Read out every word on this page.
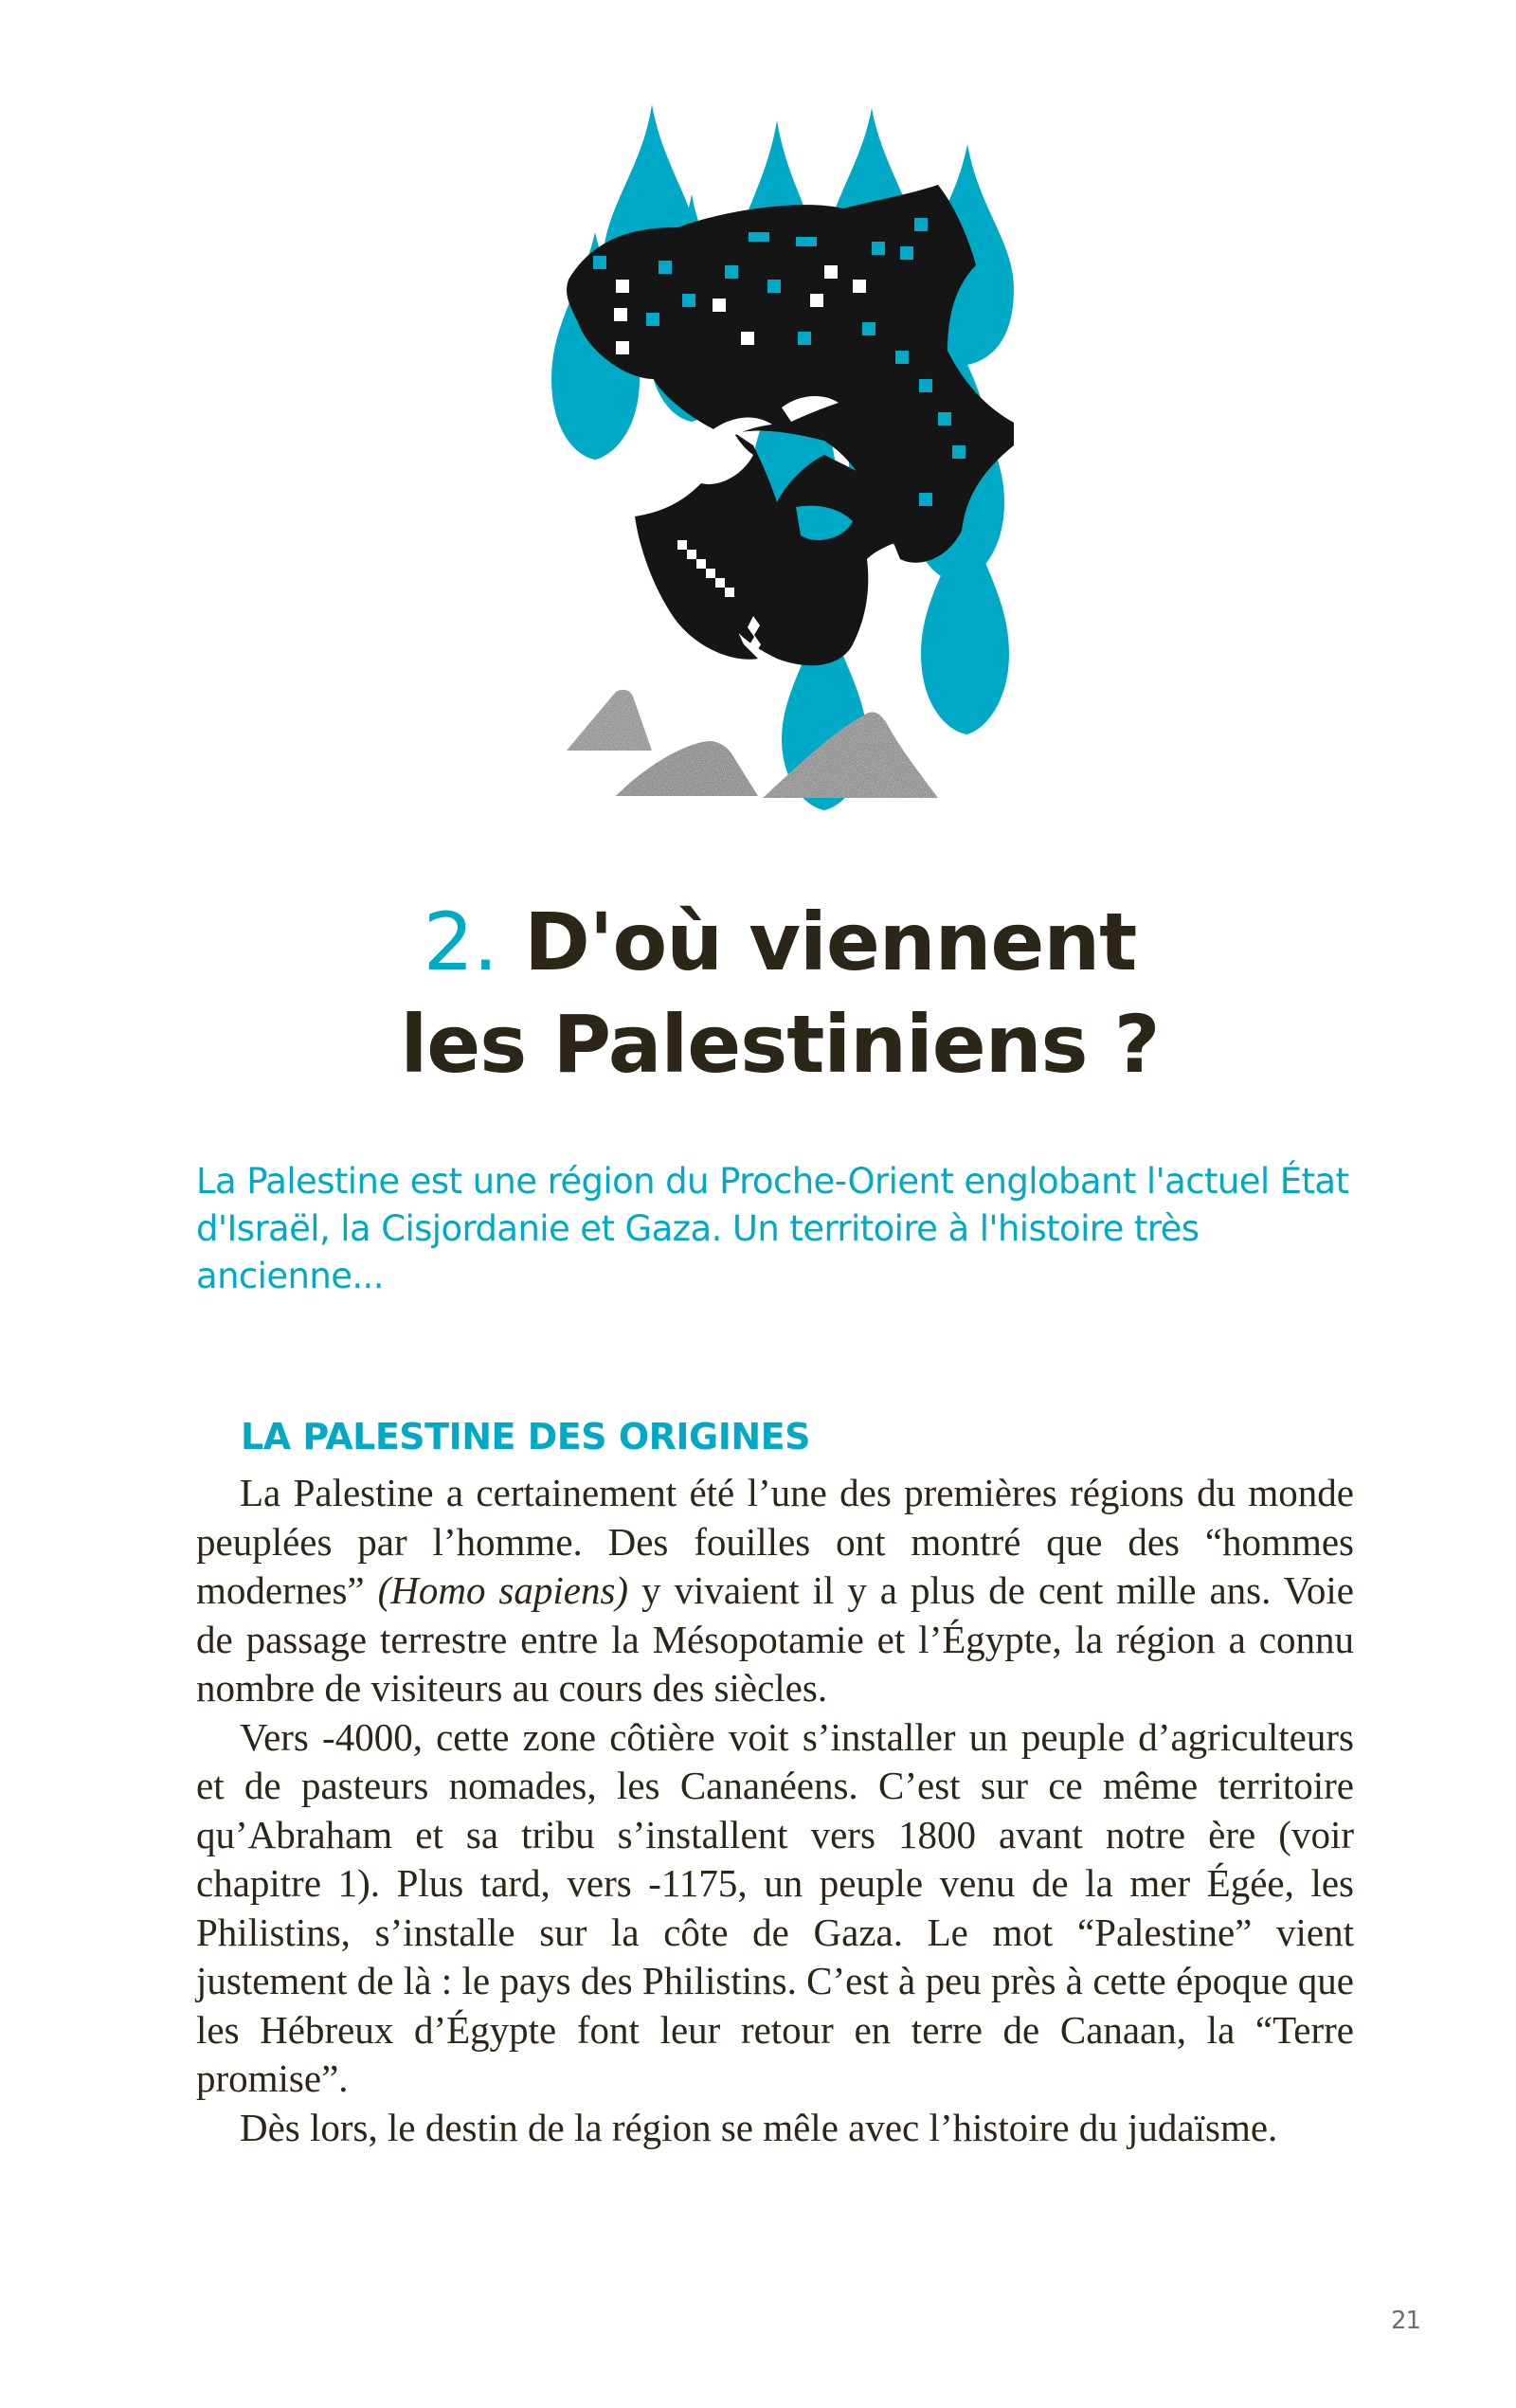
2. D'où viennent
les Palestiniens ?

La Palestine est une région du Proche-Orient englobant l'actuel État d'Israël, la Cisjordanie et Gaza. Un territoire à l'histoire très ancienne...

LA PALESTINE DES ORIGINES

La Palestine a certainement été l’une des premières régions du monde peuplées par l’homme. Des fouilles ont montré que des “hommes modernes” (Homo sapiens) y vivaient il y a plus de cent mille ans. Voie de passage terrestre entre la Mésopotamie et l’Égypte, la région a connu nombre de visiteurs au cours des siècles.

Vers -4000, cette zone côtière voit s’installer un peuple d’agriculteurs et de pasteurs nomades, les Cananéens. C’est sur ce même territoire qu’Abraham et sa tribu s’installent vers 1800 avant notre ère (voir chapitre 1). Plus tard, vers -1175, un peuple venu de la mer Égée, les Philistins, s’installe sur la côte de Gaza. Le mot “Palestine” vient justement de là : le pays des Philistins. C’est à peu près à cette époque que les Hébreux d’Égypte font leur retour en terre de Canaan, la “Terre promise”.

Dès lors, le destin de la région se mêle avec l’histoire du judaïsme.

21
